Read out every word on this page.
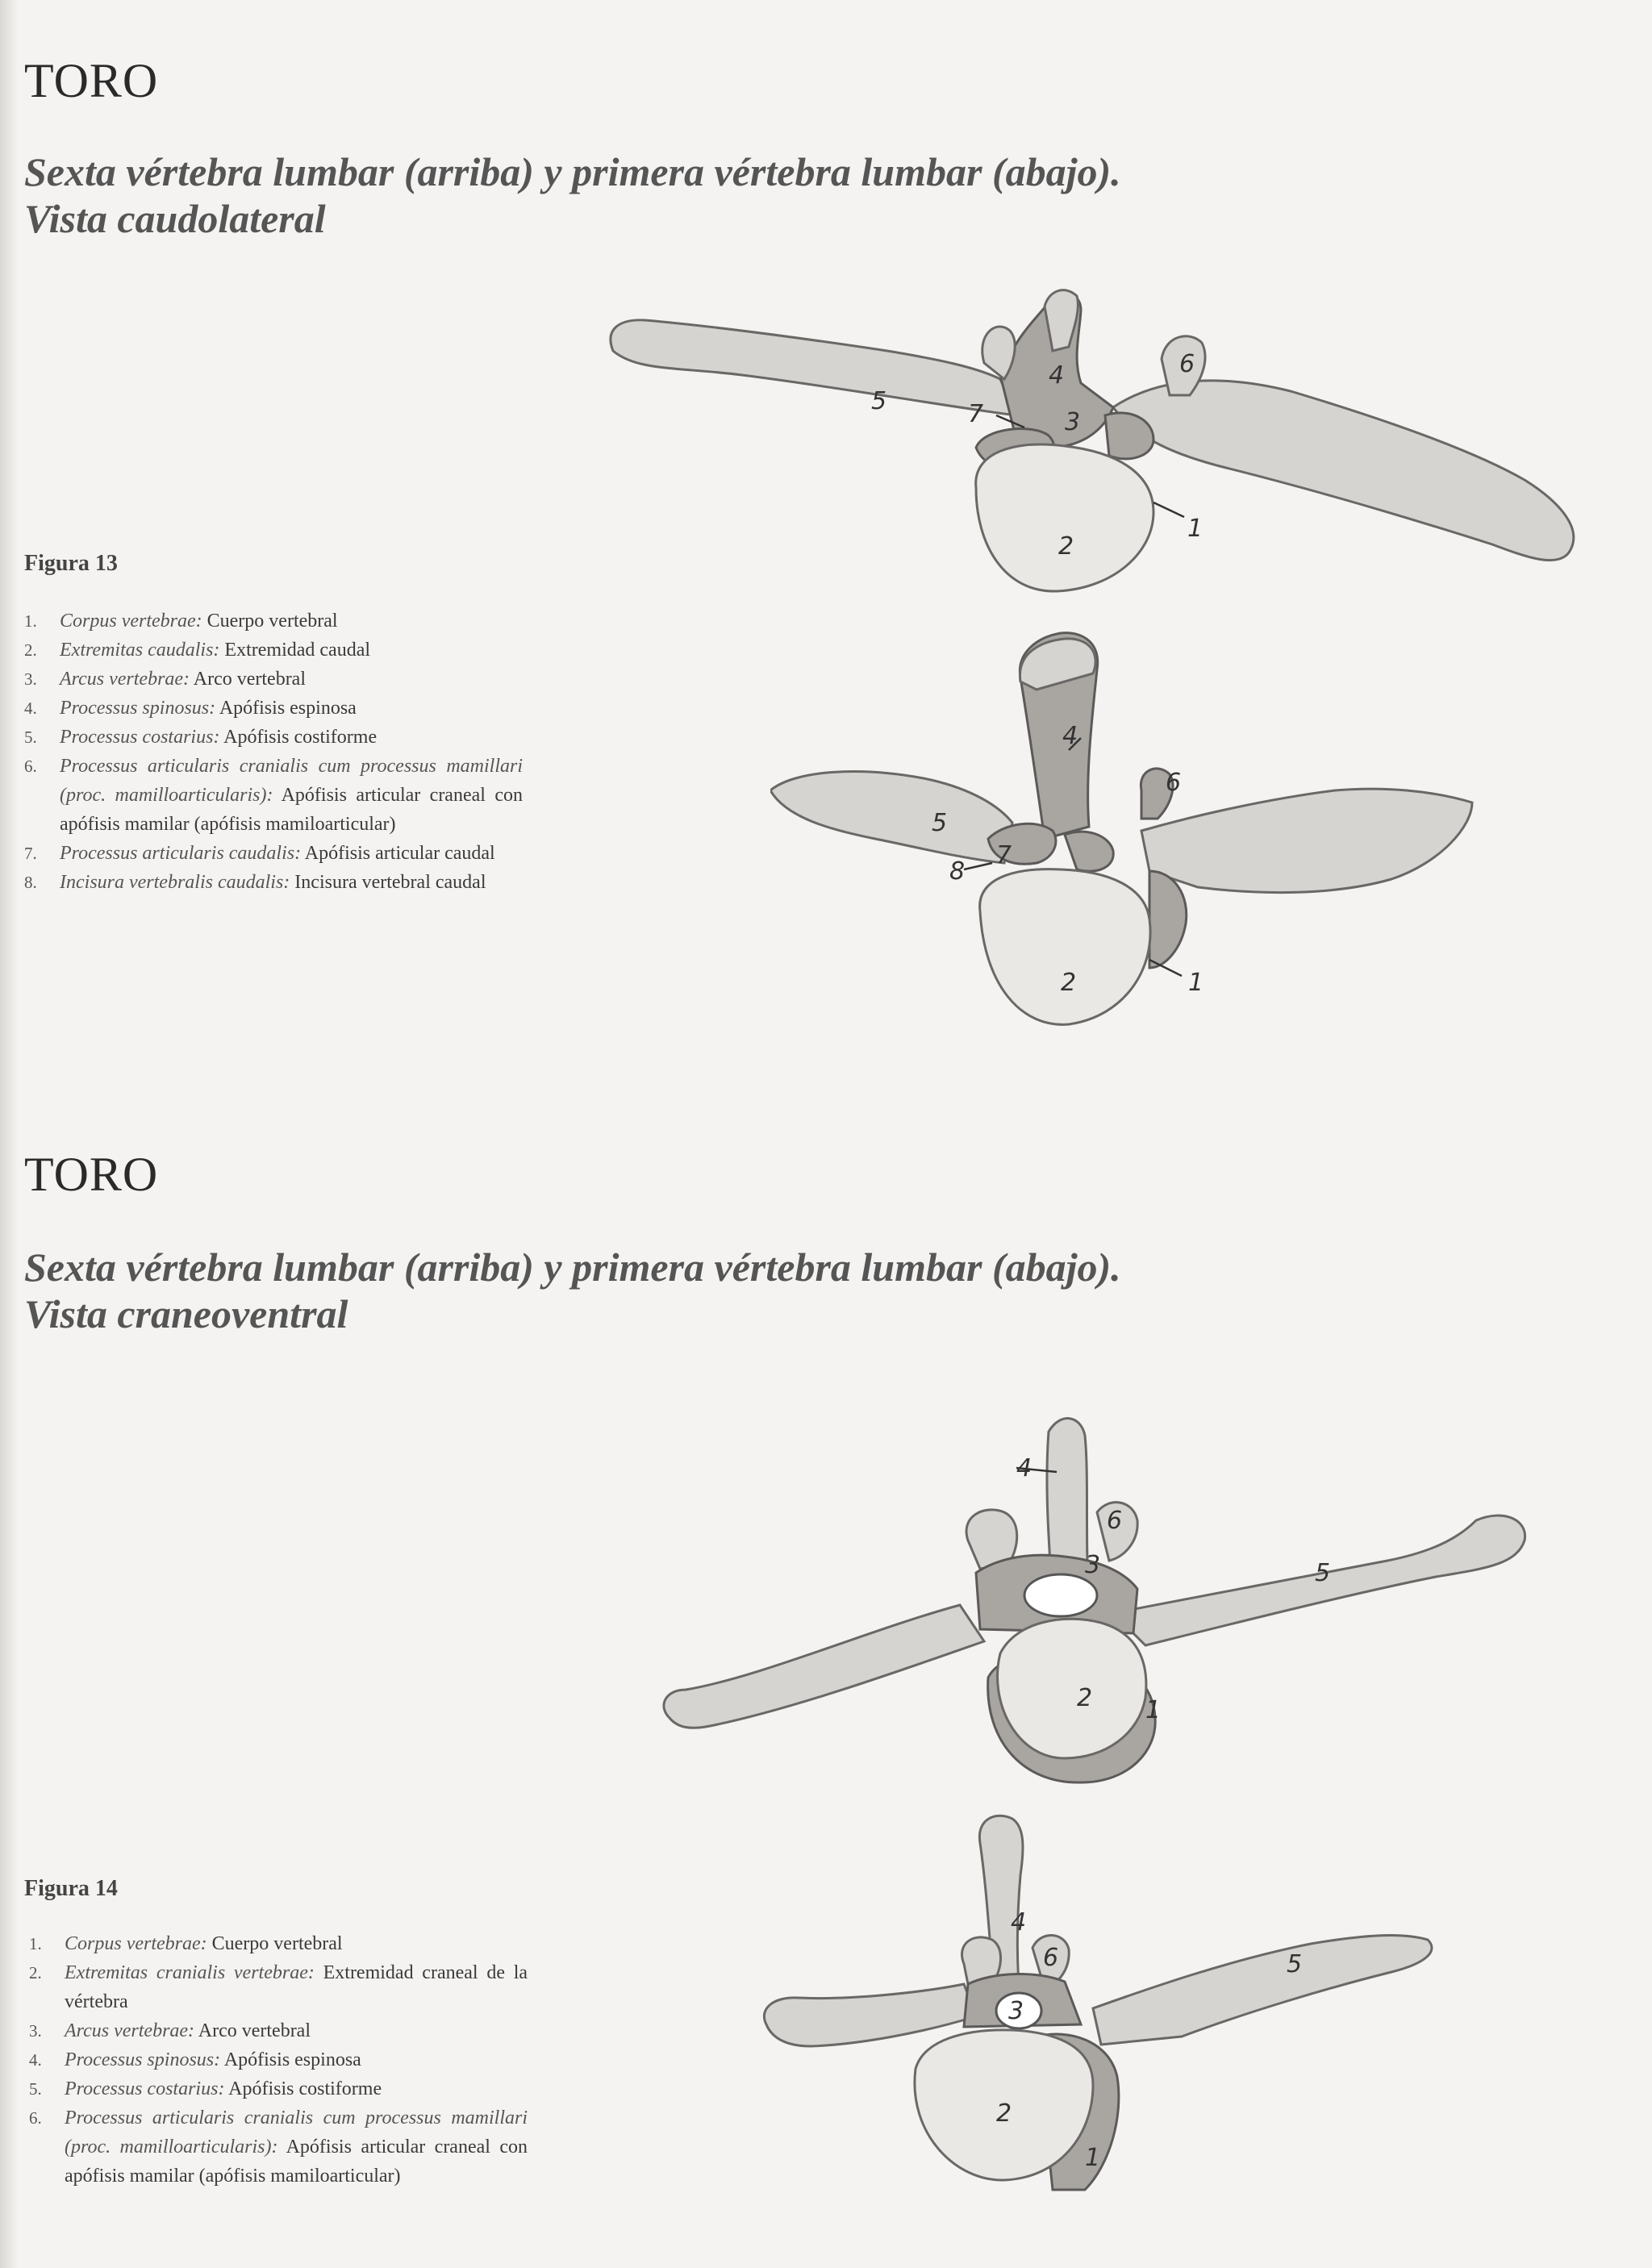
TORO
Sexta vértebra lumbar (arriba) y primera vértebra lumbar (abajo).
Vista caudolateral

Figura 13

1. Corpus vertebrae: Cuerpo vertebral
2. Extremitas caudalis: Extremidad caudal
3. Arcus vertebrae: Arco vertebral
4. Processus spinosus: Apófisis espinosa
5. Processus costarius: Apófisis costiforme
6. Processus articularis cranialis cum processus mamillari (proc. mamilloarticularis): Apófisis articular craneal con apófisis mamilar (apófisis mamiloarticular)
7. Processus articularis caudalis: Apófisis articular caudal
8. Incisura vertebralis caudalis: Incisura vertebral caudal
5	7	3
4	6
2
1
5
4
6
7
8
2	1
TORO
Sexta vértebra lumbar (arriba) y primera vértebra lumbar (abajo).
Vista craneoventral

Figura 14

1. Corpus vertebrae: Cuerpo vertebral
2. Extremitas cranialis vertebrae: Extremidad craneal de la vértebra
3. Arcus vertebrae: Arco vertebral
4. Processus spinosus: Apófisis espinosa
5. Processus costarius: Apófisis costiforme
6. Processus articularis cranialis cum processus mamillari (proc. mamilloarticularis): Apófisis articular craneal con apófisis mamilar (apófisis mamiloarticular)
4
6
3	5
2 1
4
6
3
5
2
1
